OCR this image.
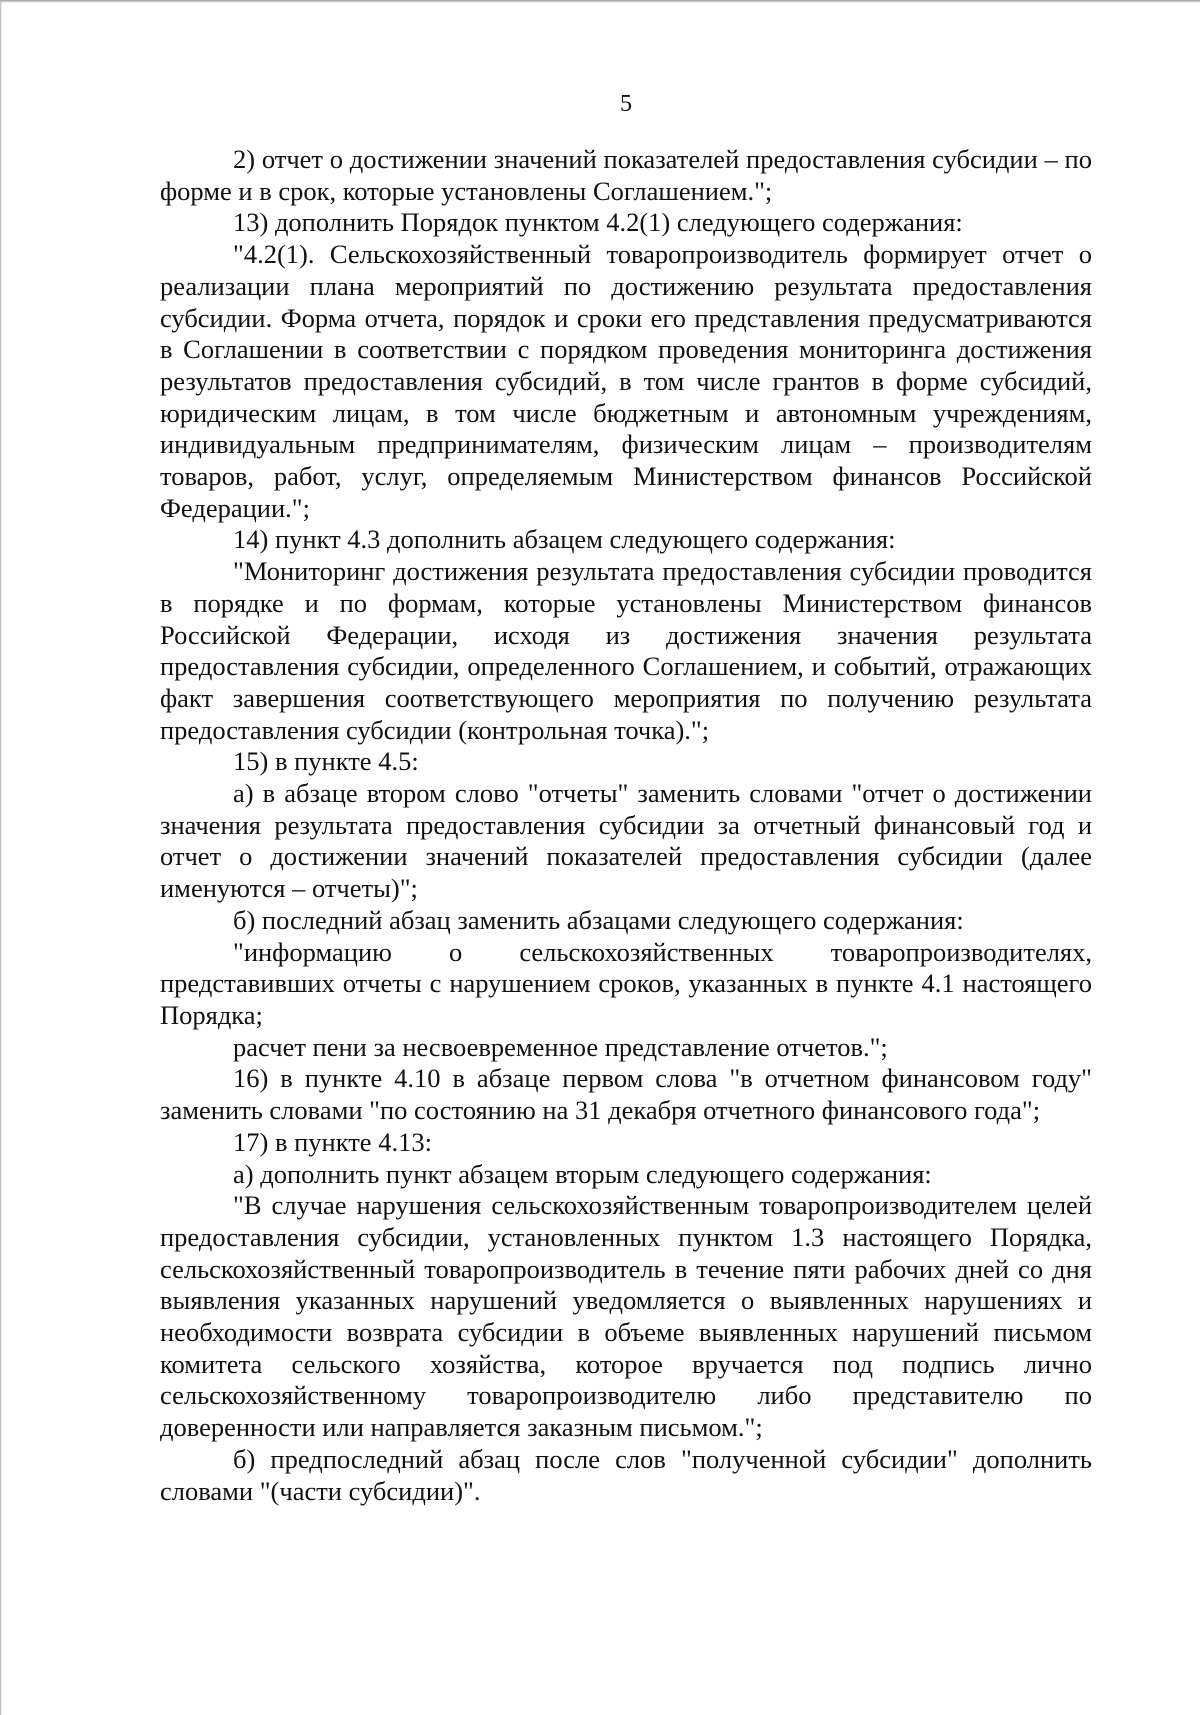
5

2) отчет о достижении значений показателей предоставления субсидии – по форме и в срок, которые установлены Соглашением.";

13) дополнить Порядок пунктом 4.2(1) следующего содержания:

"4.2(1). Сельскохозяйственный товаропроизводитель формирует отчет о реализации плана мероприятий по достижению результата предоставления субсидии. Форма отчета, порядок и сроки его представления предусматриваются в Соглашении в соответствии с порядком проведения мониторинга достижения результатов предоставления субсидий, в том числе грантов в форме субсидий, юридическим лицам, в том числе бюджетным и автономным учреждениям, индивидуальным предпринимателям, физическим лицам – производителям товаров, работ, услуг, определяемым Министерством финансов Российской Федерации.";

14) пункт 4.3 дополнить абзацем следующего содержания:

"Мониторинг достижения результата предоставления субсидии проводится в порядке и по формам, которые установлены Министерством финансов Российской Федерации, исходя из достижения значения результата предоставления субсидии, определенного Соглашением, и событий, отражающих факт завершения соответствующего мероприятия по получению результата предоставления субсидии (контрольная точка).";

15) в пункте 4.5:

а) в абзаце втором слово "отчеты" заменить словами "отчет о достижении значения результата предоставления субсидии за отчетный финансовый год и отчет о достижении значений показателей предоставления субсидии (далее именуются – отчеты)";

б) последний абзац заменить абзацами следующего содержания:

"информацию о сельскохозяйственных товаропроизводителях, представивших отчеты с нарушением сроков, указанных в пункте 4.1 настоящего Порядка;

расчет пени за несвоевременное представление отчетов.";

16) в пункте 4.10 в абзаце первом слова "в отчетном финансовом году" заменить словами "по состоянию на 31 декабря отчетного финансового года";

17) в пункте 4.13:

а) дополнить пункт абзацем вторым следующего содержания:

"В случае нарушения сельскохозяйственным товаропроизводителем целей предоставления субсидии, установленных пунктом 1.3 настоящего Порядка, сельскохозяйственный товаропроизводитель в течение пяти рабочих дней со дня выявления указанных нарушений уведомляется о выявленных нарушениях и необходимости возврата субсидии в объеме выявленных нарушений письмом комитета сельского хозяйства, которое вручается под подпись лично сельскохозяйственному товаропроизводителю либо представителю по доверенности или направляется заказным письмом.";

б) предпоследний абзац после слов "полученной субсидии" дополнить словами "(части субсидии)".
